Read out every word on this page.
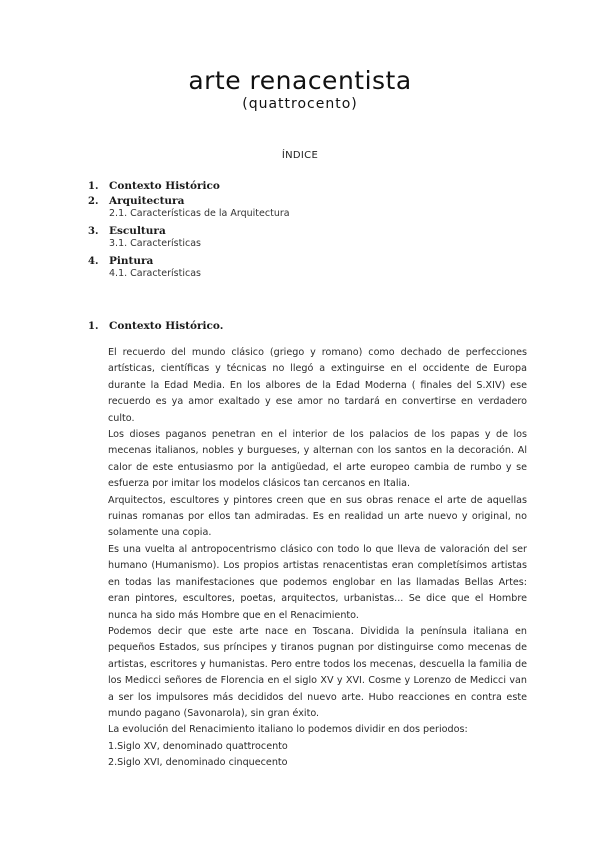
arte renacentista
(quattrocento)
ÍNDICE
1. Contexto Histórico
2. Arquitectura
2.1. Características de la Arquitectura
3. Escultura
3.1. Características
4. Pintura
4.1. Características
1. Contexto Histórico.

El recuerdo del mundo clásico (griego y romano) como dechado de perfecciones artísticas, científicas y técnicas no llegó a extinguirse en el occidente de Europa durante la Edad Media. En los albores de la Edad Moderna ( finales del S.XIV) ese recuerdo es ya amor exaltado y ese amor no tardará en convertirse en verdadero culto.

Los dioses paganos penetran en el interior de los palacios de los papas y de los mecenas italianos, nobles y burgueses, y alternan con los santos en la decoración. Al calor de este entusiasmo por la antigüedad, el arte europeo cambia de rumbo y se esfuerza por imitar los modelos clásicos tan cercanos en Italia.

Arquitectos, escultores y pintores creen que en sus obras renace el arte de aquellas ruinas romanas por ellos tan admiradas. Es en realidad un arte nuevo y original, no solamente una copia.

Es una vuelta al antropocentrismo clásico con todo lo que lleva de valoración del ser humano (Humanismo). Los propios artistas renacentistas eran completísimos artistas en todas las manifestaciones que podemos englobar en las llamadas Bellas Artes: eran pintores, escultores, poetas, arquitectos, urbanistas... Se dice que el Hombre nunca ha sido más Hombre que en el Renacimiento.

Podemos decir que este arte nace en Toscana. Dividida la península italiana en pequeños Estados, sus príncipes y tiranos pugnan por distinguirse como mecenas de artistas, escritores y humanistas. Pero entre todos los mecenas, descuella la familia de los Medicci señores de Florencia en el siglo XV y XVI. Cosme y Lorenzo de Medicci van a ser los impulsores más decididos del nuevo arte. Hubo reacciones en contra este mundo pagano (Savonarola), sin gran éxito.

La evolución del Renacimiento italiano lo podemos dividir en dos periodos:

1.Siglo XV, denominado quattrocento

2.Siglo XVI, denominado cinquecento
